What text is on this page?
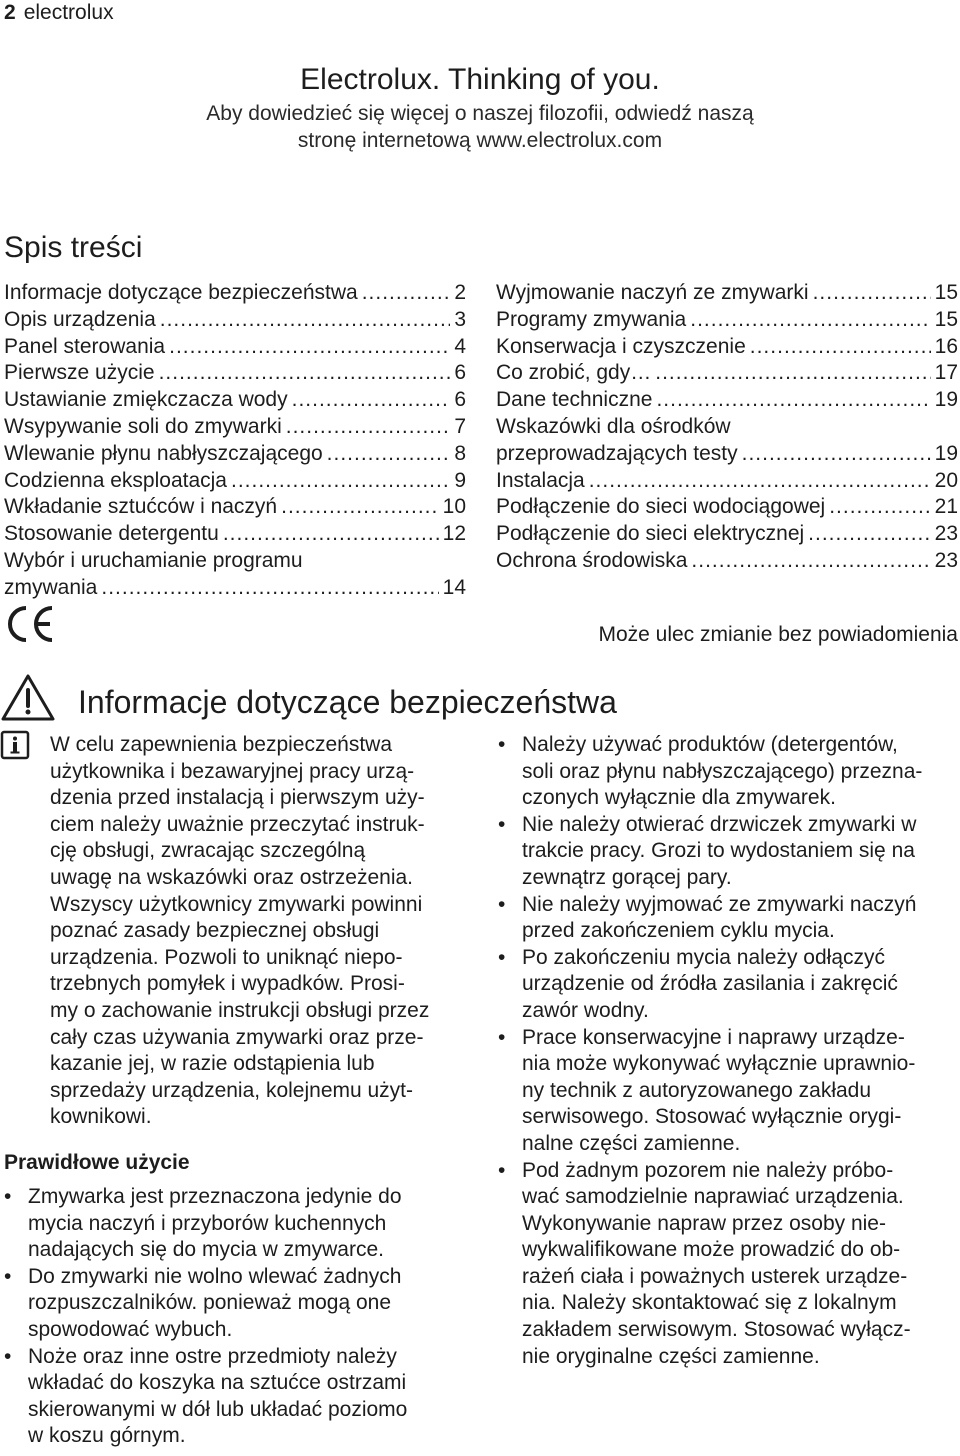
2 electrolux
Electrolux. Thinking of you.
Aby dowiedzieć się więcej o naszej filozofii, odwiedź naszą
stronę internetową www.electrolux.com
Spis treści
Informacje dotyczące bezpieczeństwa .....	2
Opis urządzenia .....	3
Panel sterowania .....	4
Pierwsze użycie .....	6
Ustawianie zmiękczacza wody .....	6
Wsypywanie soli do zmywarki .....	7
Wlewanie płynu nabłyszczającego .....	8
Codzienna eksploatacja .....	9
Wkładanie sztućców i naczyń .....	10
Stosowanie detergentu .....	12
Wybór i uruchamianie programu
zmywania .....	14
Wyjmowanie naczyń ze zmywarki .....	15
Programy zmywania .....	15
Konserwacja i czyszczenie .....	16
Co zrobić, gdy… .....	17
Dane techniczne .....	19
Wskazówki dla ośrodków
przeprowadzających testy .....	19
Instalacja .....	20
Podłączenie do sieci wodociągowej .....	21
Podłączenie do sieci elektrycznej .....	23
Ochrona środowiska .....	23
Może ulec zmianie bez powiadomienia
Informacje dotyczące bezpieczeństwa
W celu zapewnienia bezpieczeństwa
użytkownika i bezawaryjnej pracy urzą-
dzenia przed instalacją i pierwszym uży-
ciem należy uważnie przeczytać instruk-
cję obsługi, zwracając szczególną
uwagę na wskazówki oraz ostrzeżenia.
Wszyscy użytkownicy zmywarki powinni
poznać zasady bezpiecznej obsługi
urządzenia. Pozwoli to uniknąć niepo-
trzebnych pomyłek i wypadków. Prosi-
my o zachowanie instrukcji obsługi przez
cały czas używania zmywarki oraz prze-
kazanie jej, w razie odstąpienia lub
sprzedaży urządzenia, kolejnemu użyt-
kownikowi.
Prawidłowe użycie
• Zmywarka jest przeznaczona jedynie do
mycia naczyń i przyborów kuchennych
nadających się do mycia w zmywarce.
• Do zmywarki nie wolno wlewać żadnych
rozpuszczalników. ponieważ mogą one
spowodować wybuch.
• Noże oraz inne ostre przedmioty należy
wkładać do koszyka na sztućce ostrzami
skierowanymi w dół lub układać poziomo
w koszu górnym.
• Należy używać produktów (detergentów,
soli oraz płynu nabłyszczającego) przezna-
czonych wyłącznie dla zmywarek.
• Nie należy otwierać drzwiczek zmywarki w
trakcie pracy. Grozi to wydostaniem się na
zewnątrz gorącej pary.
• Nie należy wyjmować ze zmywarki naczyń
przed zakończeniem cyklu mycia.
• Po zakończeniu mycia należy odłączyć
urządzenie od źródła zasilania i zakręcić
zawór wodny.
• Prace konserwacyjne i naprawy urządze-
nia może wykonywać wyłącznie uprawnio-
ny technik z autoryzowanego zakładu
serwisowego. Stosować wyłącznie orygi-
nalne części zamienne.
• Pod żadnym pozorem nie należy próbo-
wać samodzielnie naprawiać urządzenia.
Wykonywanie napraw przez osoby nie-
wykwalifikowane może prowadzić do ob-
rażeń ciała i poważnych usterek urządze-
nia. Należy skontaktować się z lokalnym
zakładem serwisowym. Stosować wyłącz-
nie oryginalne części zamienne.
